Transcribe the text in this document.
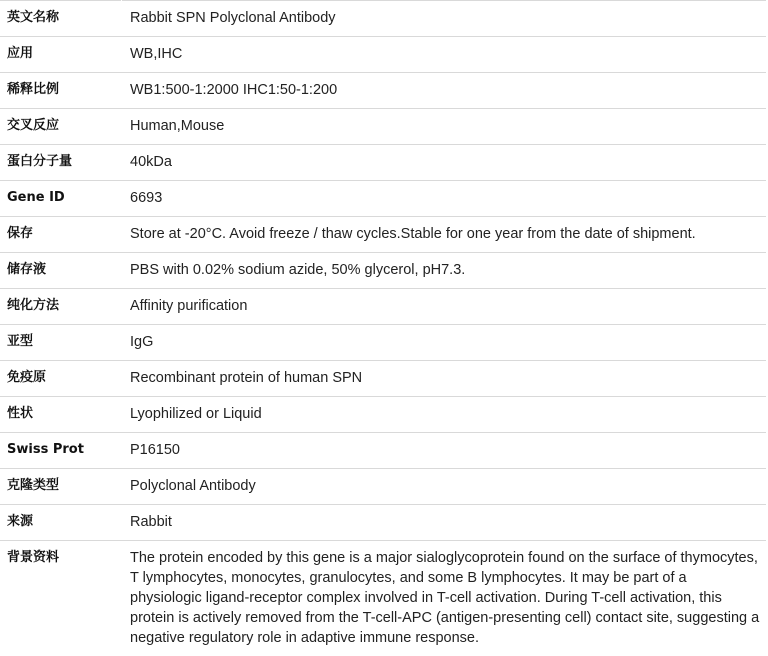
英文名称	Rabbit SPN Polyclonal Antibody
应用	WB,IHC
稀释比例	WB1:500-1:2000 IHC1:50-1:200
交叉反应	Human,Mouse
蛋白分子量	40kDa
Gene ID	6693
保存	Store at -20°C. Avoid freeze / thaw cycles.Stable for one year from the date of shipment.
储存液	PBS with 0.02% sodium azide, 50% glycerol, pH7.3.
纯化方法	Affinity purification
亚型	IgG
免疫原	Recombinant protein of human SPN
性状	Lyophilized or Liquid
Swiss Prot	P16150
克隆类型	Polyclonal Antibody
来源	Rabbit
背景资料	The protein encoded by this gene is a major sialoglycoprotein found on the surface of thymocytes, T lymphocytes, monocytes, granulocytes, and some B lymphocytes. It may be part of a physiologic ligand-receptor complex involved in T-cell activation. During T-cell activation, this protein is actively removed from the T-cell-APC (antigen-presenting cell) contact site, suggesting a negative regulatory role in adaptive immune response.
